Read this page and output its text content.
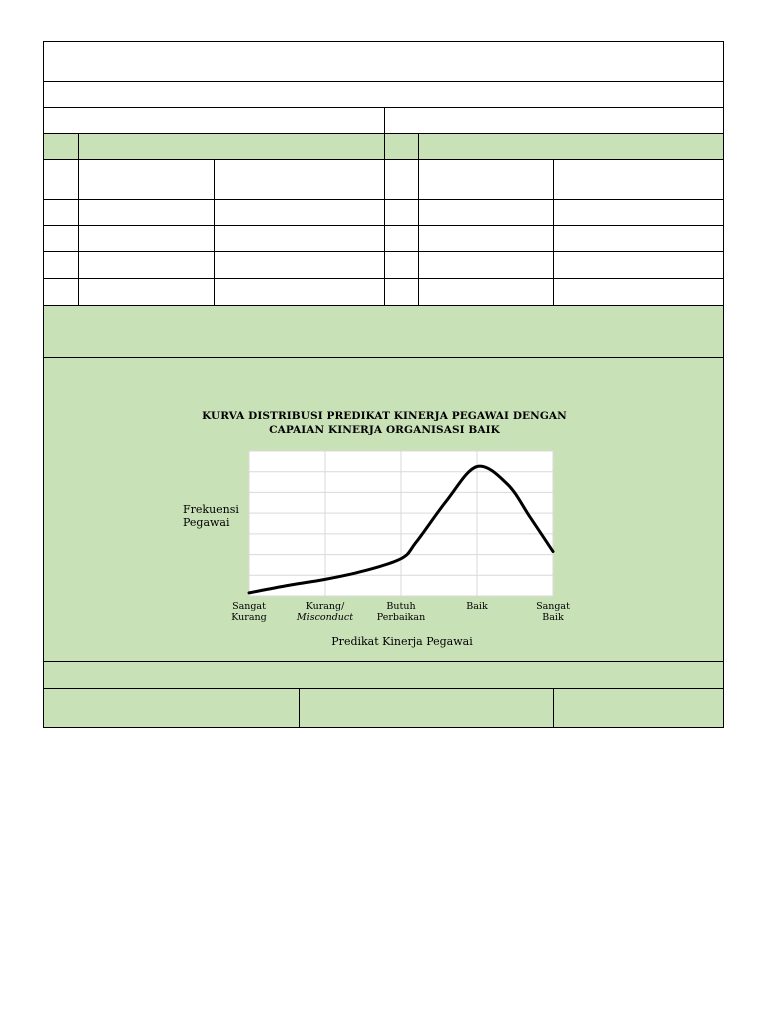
KURVA DISTRIBUSI PREDIKAT KINERJA PEGAWAI DENGAN
CAPAIAN KINERJA ORGANISASI BAIK
Frekuensi
Pegawai
Sangat
Kurang
Kurang/
Misconduct
Butuh
Perbaikan
Baik	Sangat
Baik
Predikat Kinerja Pegawai
